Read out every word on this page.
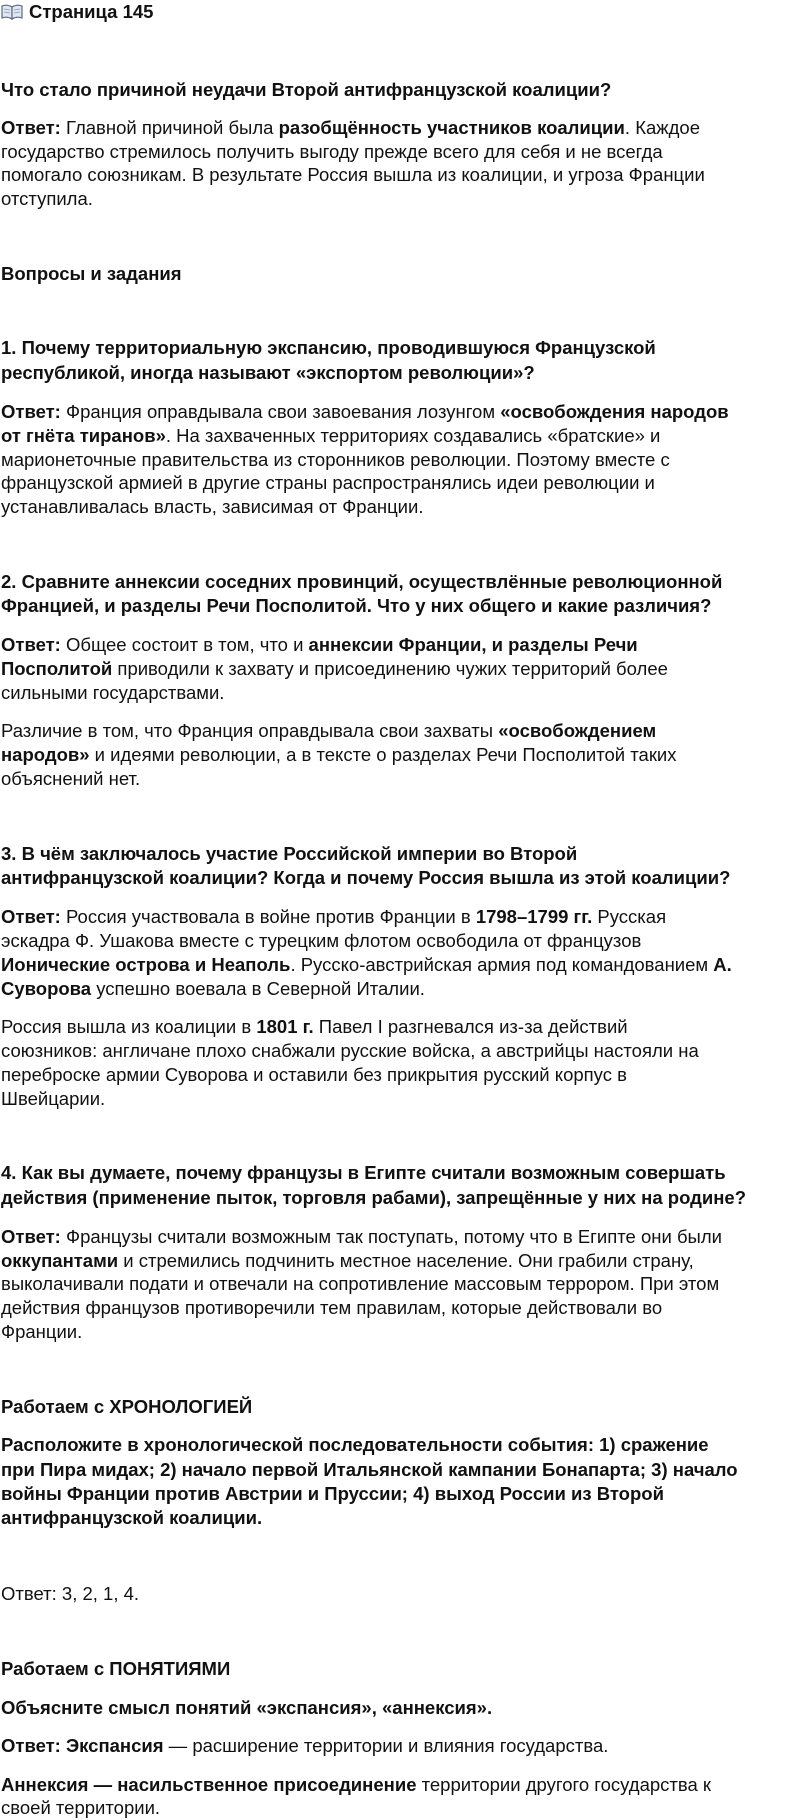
Страница 145
Что стало причиной неудачи Второй антифранцузской коалиции?
Ответ: Главной причиной была разобщённость участников коалиции. Каждое
государство стремилось получить выгоду прежде всего для себя и не всегда
помогало союзникам. В результате Россия вышла из коалиции, и угроза Франции
отступила.
Вопросы и задания
1. Почему территориальную экспансию, проводившуюся Французской
республикой, иногда называют «экспортом революции»?
Ответ: Франция оправдывала свои завоевания лозунгом «освобождения народов
от гнёта тиранов». На захваченных территориях создавались «братские» и
марионеточные правительства из сторонников революции. Поэтому вместе с
французской армией в другие страны распространялись идеи революции и
устанавливалась власть, зависимая от Франции.
2. Сравните аннексии соседних провинций, осуществлённые революционной
Францией, и разделы Речи Посполитой. Что у них общего и какие различия?
Ответ: Общее состоит в том, что и аннексии Франции, и разделы Речи
Посполитой приводили к захвату и присоединению чужих территорий более
сильными государствами.
Различие в том, что Франция оправдывала свои захваты «освобождением
народов» и идеями революции, а в тексте о разделах Речи Посполитой таких
объяснений нет.
3. В чём заключалось участие Российской империи во Второй
антифранцузской коалиции? Когда и почему Россия вышла из этой коалиции?
Ответ: Россия участвовала в войне против Франции в 1798–1799 гг. Русская
эскадра Ф. Ушакова вместе с турецким флотом освободила от французов
Ионические острова и Неаполь. Русско-австрийская армия под командованием А.
Суворова успешно воевала в Северной Италии.
Россия вышла из коалиции в 1801 г. Павел I разгневался из-за действий
союзников: англичане плохо снабжали русские войска, а австрийцы настояли на
переброске армии Суворова и оставили без прикрытия русский корпус в
Швейцарии.
4. Как вы думаете, почему французы в Египте считали возможным совершать
действия (применение пыток, торговля рабами), запрещённые у них на родине?
Ответ: Французы считали возможным так поступать, потому что в Египте они были
оккупантами и стремились подчинить местное население. Они грабили страну,
выколачивали подати и отвечали на сопротивление массовым террором. При этом
действия французов противоречили тем правилам, которые действовали во
Франции.
Работаем с ХРОНОЛОГИЕЙ
Расположите в хронологической последовательности события: 1) сражение
при Пира мидах; 2) начало первой Итальянской кампании Бонапарта; 3) начало
войны Франции против Австрии и Пруссии; 4) выход России из Второй
антифранцузской коалиции.
Ответ: 3, 2, 1, 4.
Работаем с ПОНЯТИЯМИ
Объясните смысл понятий «экспансия», «аннексия».
Ответ: Экспансия — расширение территории и влияния государства.
Аннексия — насильственное присоединение территории другого государства к
своей территории.
